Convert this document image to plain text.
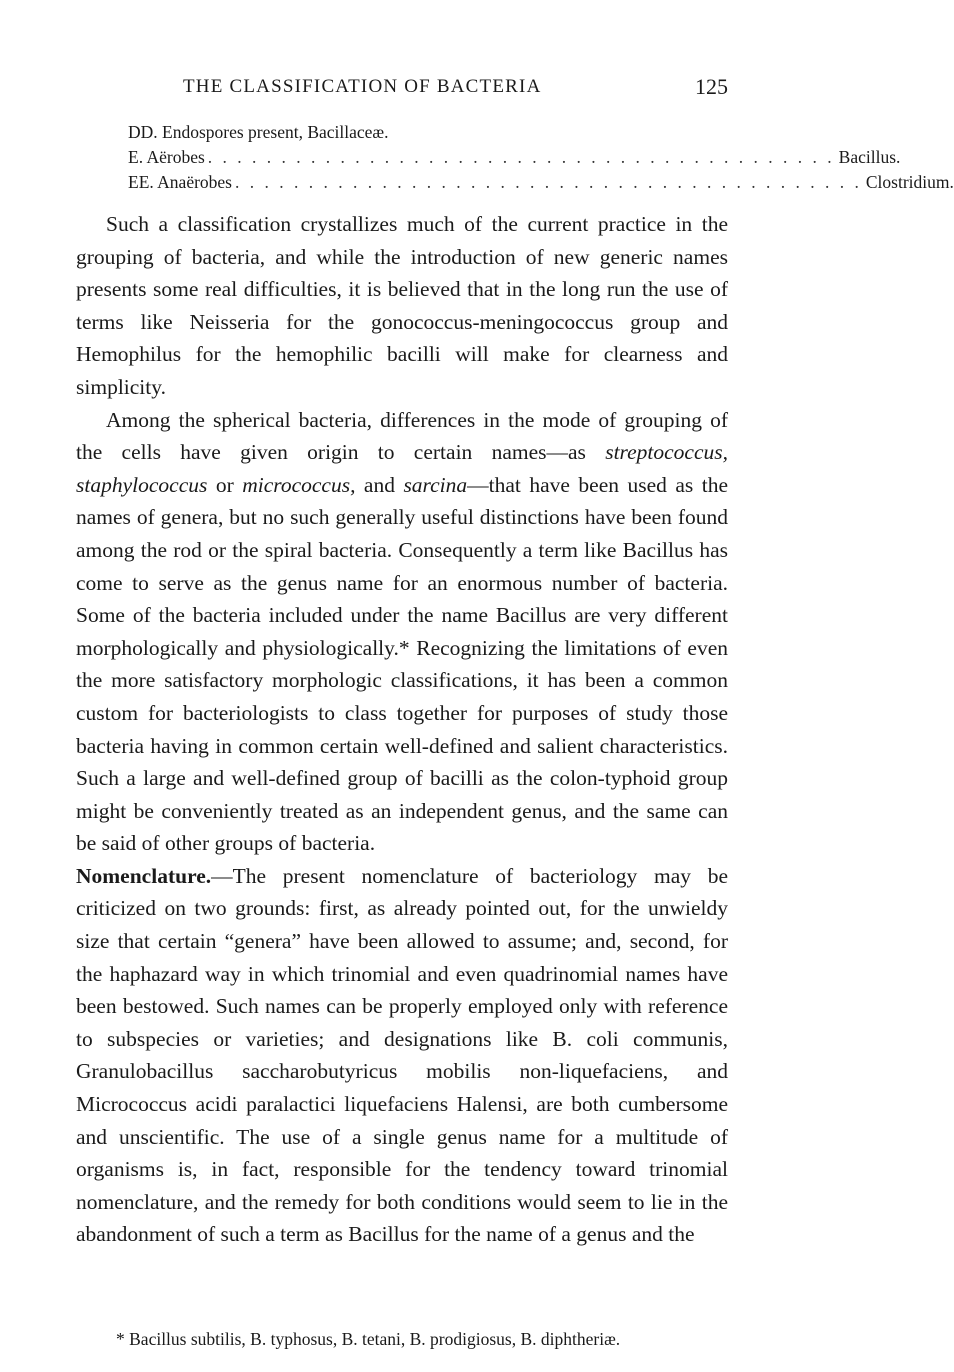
THE CLASSIFICATION OF BACTERIA	125
DD. Endospores present, Bacillaceæ.
E. Aërobes . . . . . . . . . . . . . . . . . . . . . . . . . . . . . . . . . . . . . . . . . . . Bacillus.
EE. Anaërobes . . . . . . . . . . . . . . . . . . . . . . . . . . . . . . . . . . . . . . . . . . . Clostridium.

Such a classification crystallizes much of the current practice in the grouping of bacteria, and while the introduction of new generic names presents some real difficulties, it is believed that in the long run the use of terms like Neisseria for the gonococcus-meningococcus group and Hemophilus for the hemophilic bacilli will make for clearness and simplicity.

Among the spherical bacteria, differences in the mode of grouping of the cells have given origin to certain names—as streptococcus, staphylococcus or micrococcus, and sarcina—that have been used as the names of genera, but no such generally useful distinctions have been found among the rod or the spiral bacteria. Consequently a term like Bacillus has come to serve as the genus name for an enormous number of bacteria. Some of the bacteria included under the name Bacillus are very different morphologically and physiologically.* Recognizing the limitations of even the more satisfactory morphologic classifications, it has been a common custom for bacteriologists to class together for purposes of study those bacteria having in common certain well-defined and salient characteristics. Such a large and well-defined group of bacilli as the colon-typhoid group might be conveniently treated as an independent genus, and the same can be said of other groups of bacteria.

Nomenclature.—The present nomenclature of bacteriology may be criticized on two grounds: first, as already pointed out, for the unwieldy size that certain “genera” have been allowed to assume; and, second, for the haphazard way in which trinomial and even quadrinomial names have been bestowed. Such names can be properly employed only with reference to subspecies or varieties; and designations like B. coli communis, Granulobacillus saccharobutyricus mobilis non-liquefaciens, and Micrococcus acidi paralactici liquefaciens Halensi, are both cumbersome and unscientific. The use of a single genus name for a multitude of organisms is, in fact, responsible for the tendency toward trinomial nomenclature, and the remedy for both conditions would seem to lie in the abandonment of such a term as Bacillus for the name of a genus and the

* Bacillus subtilis, B. typhosus, B. tetani, B. prodigiosus, B. diphtheriæ.
